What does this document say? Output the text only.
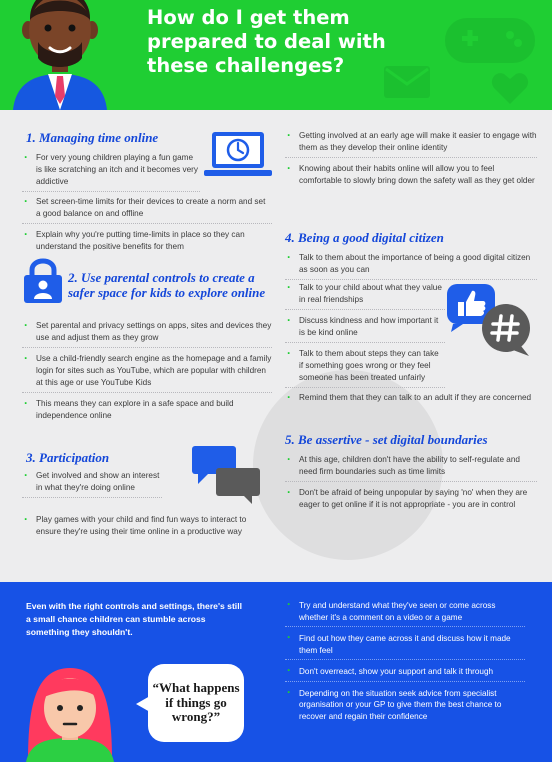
How do I get them prepared to deal with these challenges?
1. Managing time online
· For very young children playing a fun game is like scratching an itch and it becomes very addictive
· Set screen-time limits for their devices to create a norm and set a good balance on and offline
· Explain why you're putting time-limits in place so they can understand the positive benefits for them
2. Use parental controls to create a safer space for kids to explore online
· Set parental and privacy settings on apps, sites and devices they use and adjust them as they grow
· Use a child-friendly search engine as the homepage and a family login for sites such as YouTube, which are popular with children at this age or use YouTube Kids
· This means they can explore in a safe space and build independence online
3. Participation
· Get involved and show an interest in what they're doing online
· Play games with your child and find fun ways to interact to ensure they're using their time online in a productive way
· Getting involved at an early age will make it easier to engage with them as they develop their online identity
· Knowing about their habits online will allow you to feel comfortable to slowly bring down the safety wall as they get older
4. Being a good digital citizen
· Talk to them about the importance of being a good digital citizen as soon as you can
· Talk to your child about what they value in real friendships
· Discuss kindness and how important it is be kind online
· Talk to them about steps they can take if something goes wrong or they feel someone has been treated unfairly
· Remind them that they can talk to an adult if they are concerned
5. Be assertive - set digital boundaries
· At this age, children don't have the ability to self-regulate and need firm boundaries such as time limits
· Don't be afraid of being unpopular by saying 'no' when they are eager to get online if it is not appropriate - you are in control
Even with the right controls and settings, there's still a small chance children can stumble across something they shouldn't.
“What happens if things go wrong?”
· Try and understand what they've seen or come across whether it's a comment on a video or a game
· Find out how they came across it and discuss how it made them feel
· Don't overreact, show your support and talk it through
· Depending on the situation seek advice from specialist organisation or your GP to give them the best chance to recover and regain their confidence
